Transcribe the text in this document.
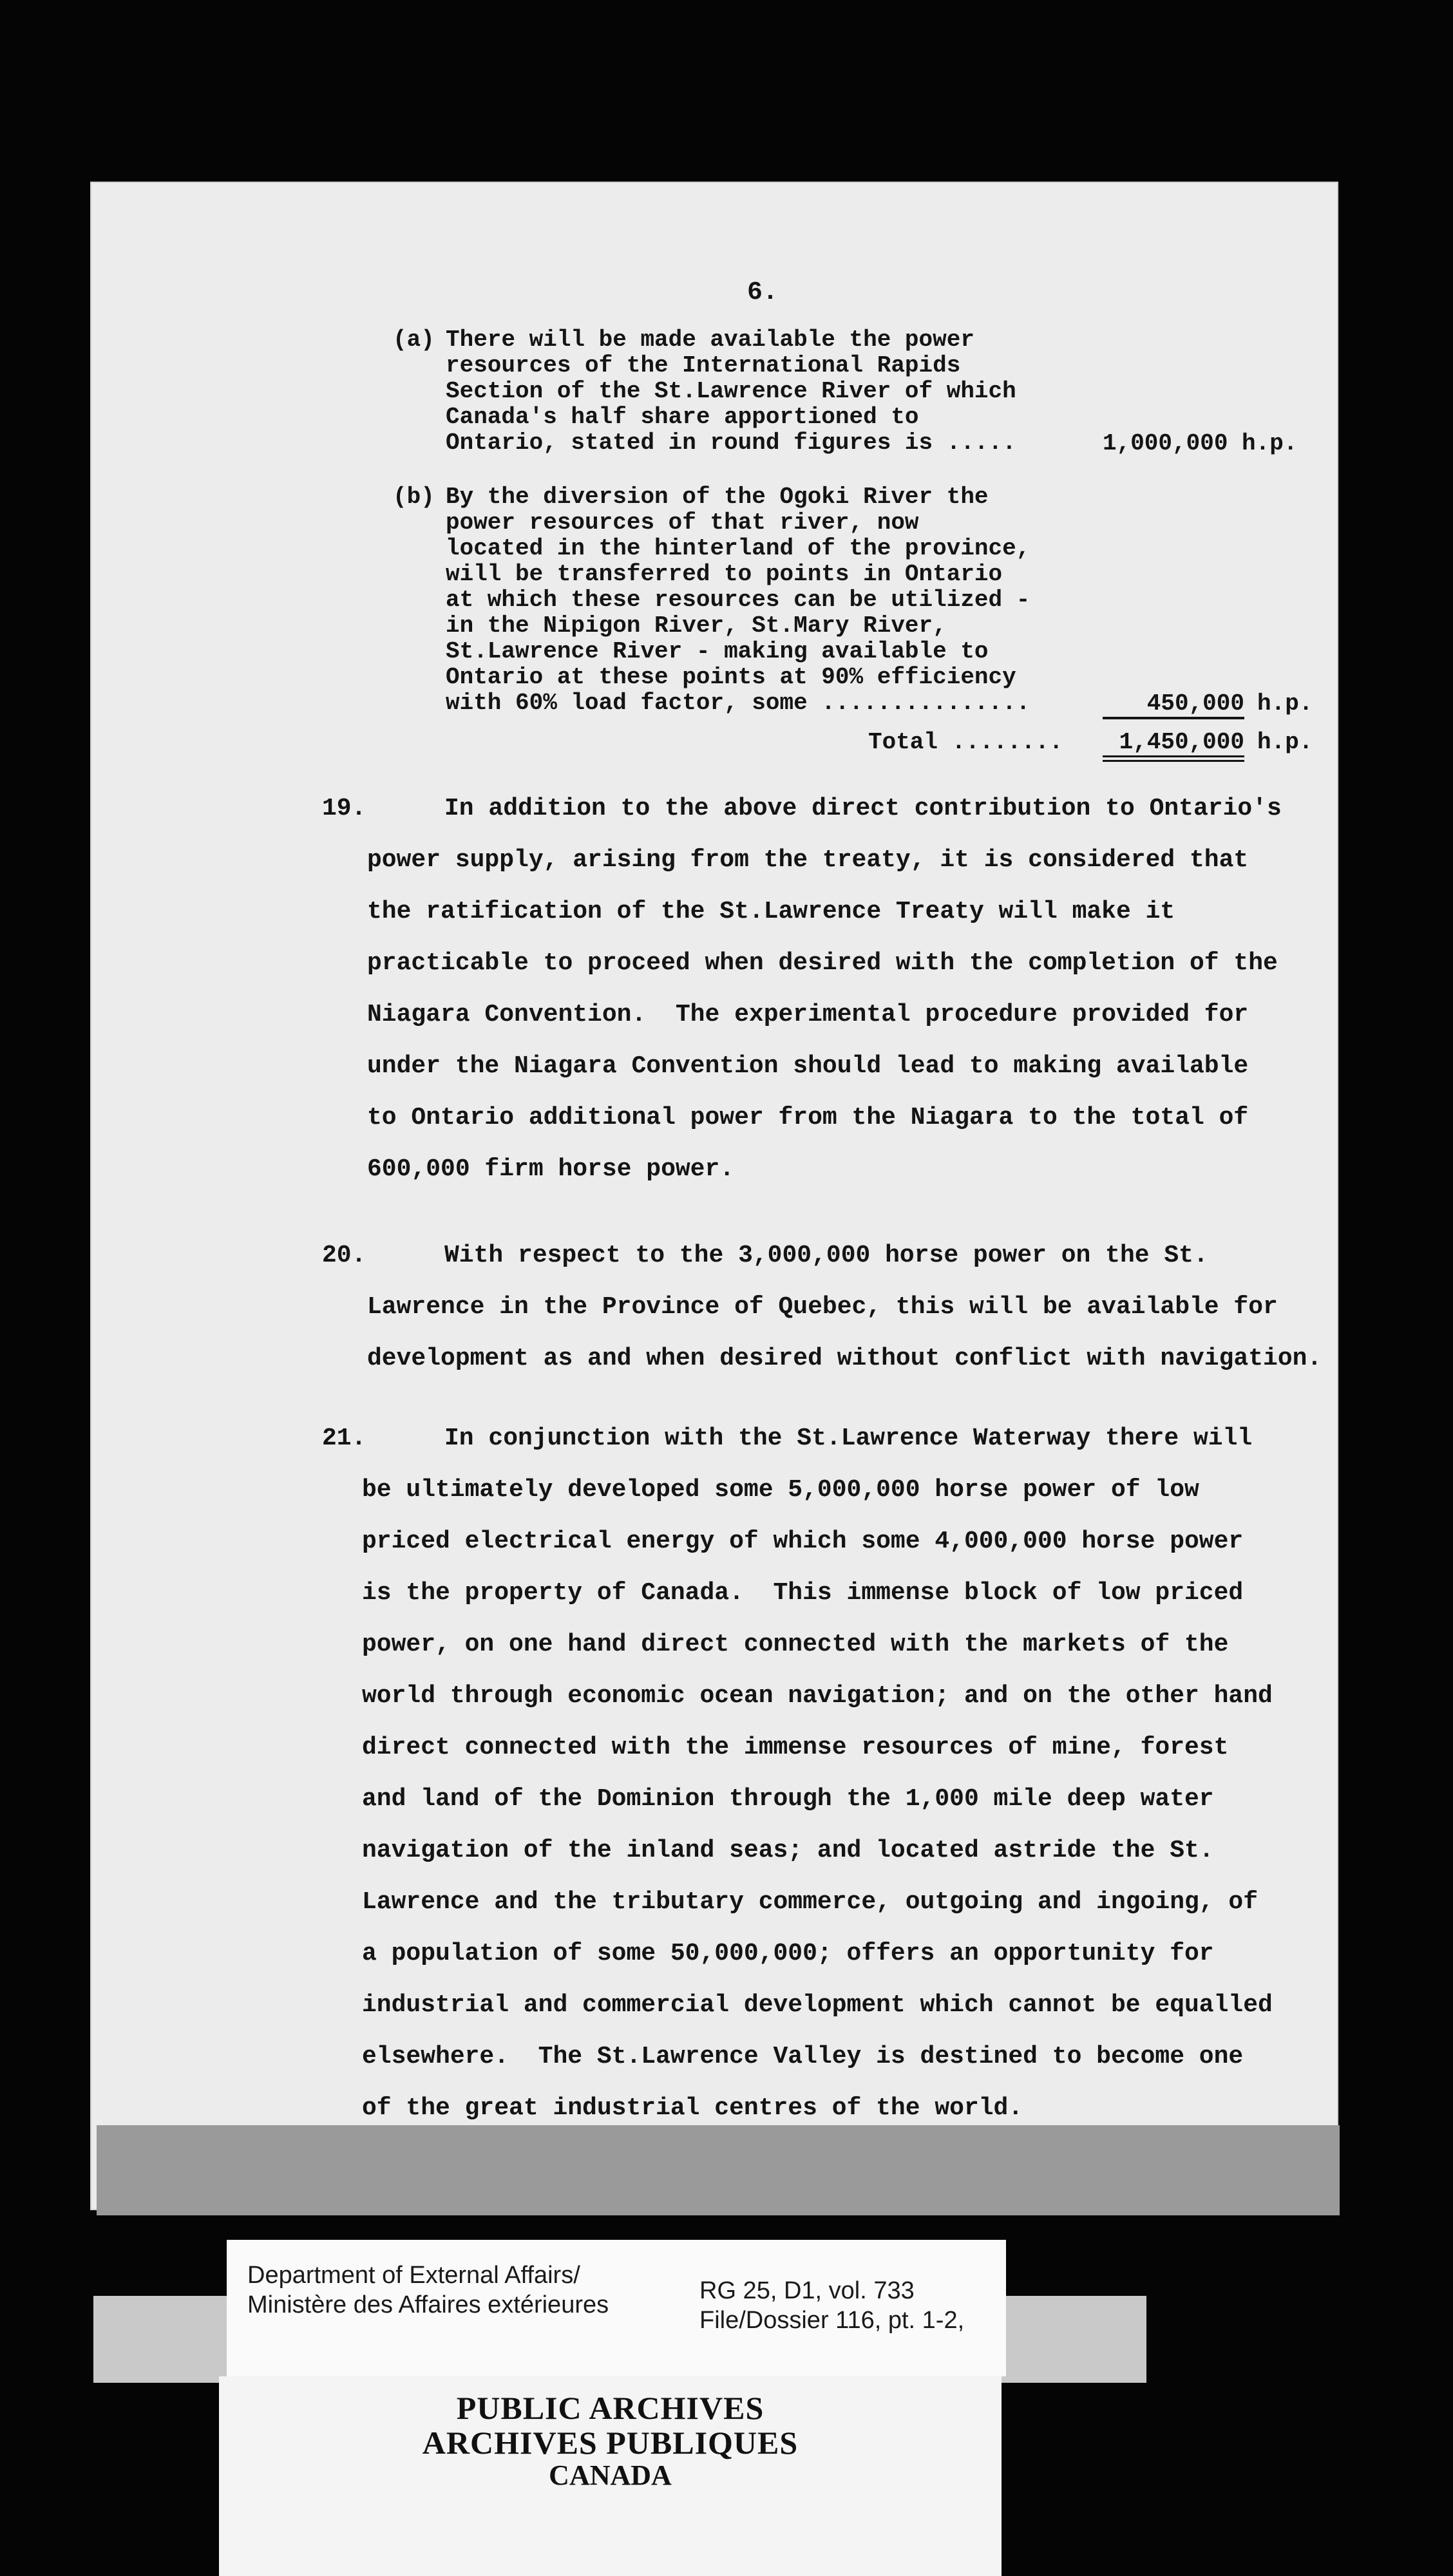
6.
(a) There will be made available the power
resources of the International Rapids
Section of the St.Lawrence River of which
Canada's half share apportioned to
Ontario, stated in round figures is .....	1,000,000 h.p.
(b) By the diversion of the Ogoki River the
power resources of that river, now
located in the hinterland of the province,
will be transferred to points in Ontario
at which these resources can be utilized -
in the Nipigon River, St.Mary River,
St.Lawrence River - making available to
Ontario at these points at 90% efficiency
with 60% load factor, some ...............	450,000 h.p.
Total ........	1,450,000 h.p.
19.	In addition to the above direct contribution to Ontario's
power supply, arising from the treaty, it is considered that
the ratification of the St.Lawrence Treaty will make it
practicable to proceed when desired with the completion of the
Niagara Convention.  The experimental procedure provided for
under the Niagara Convention should lead to making available
to Ontario additional power from the Niagara to the total of
600,000 firm horse power.
20.	With respect to the 3,000,000 horse power on the St.
Lawrence in the Province of Quebec, this will be available for
development as and when desired without conflict with navigation.
21.	In conjunction with the St.Lawrence Waterway there will
be ultimately developed some 5,000,000 horse power of low
priced electrical energy of which some 4,000,000 horse power
is the property of Canada.  This immense block of low priced
power, on one hand direct connected with the markets of the
world through economic ocean navigation; and on the other hand
direct connected with the immense resources of mine, forest
and land of the Dominion through the 1,000 mile deep water
navigation of the inland seas; and located astride the St.
Lawrence and the tributary commerce, outgoing and ingoing, of
a population of some 50,000,000; offers an opportunity for
industrial and commercial development which cannot be equalled
elsewhere.  The St.Lawrence Valley is destined to become one
of the great industrial centres of the world.
Department of External Affairs/
Ministère des Affaires extérieures
RG 25, D1, vol. 733
File/Dossier 116, pt. 1-2,
PUBLIC ARCHIVES
ARCHIVES PUBLIQUES
CANADA
